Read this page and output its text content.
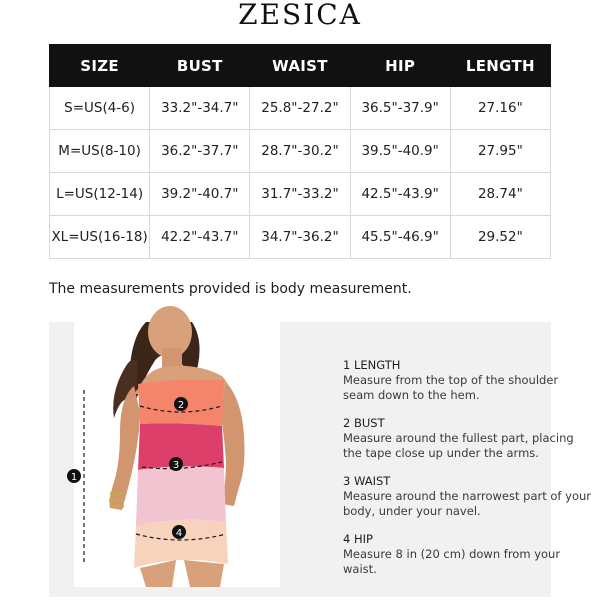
ZESICA
SIZE	BUST	WAIST	HIP	LENGTH
S=US(4-6)	33.2"-34.7"	25.8"-27.2"	36.5"-37.9"	27.16"
M=US(8-10)	36.2"-37.7"	28.7"-30.2"	39.5"-40.9"	27.95"
L=US(12-14)	39.2"-40.7"	31.7"-33.2"	42.5"-43.9"	28.74"
XL=US(16-18)	42.2"-43.7"	34.7"-36.2"	45.5"-46.9"	29.52"
The measurements provided is body measurement.
1
2
3
4
1 LENGTH
Measure from the top of the shoulder seam down to the hem.
2 BUST
Measure around the fullest part, placing the tape close up under the arms.
3 WAIST
Measure around the narrowest part of your body, under your navel.
4 HIP
Measure 8 in (20 cm) down from your waist.
